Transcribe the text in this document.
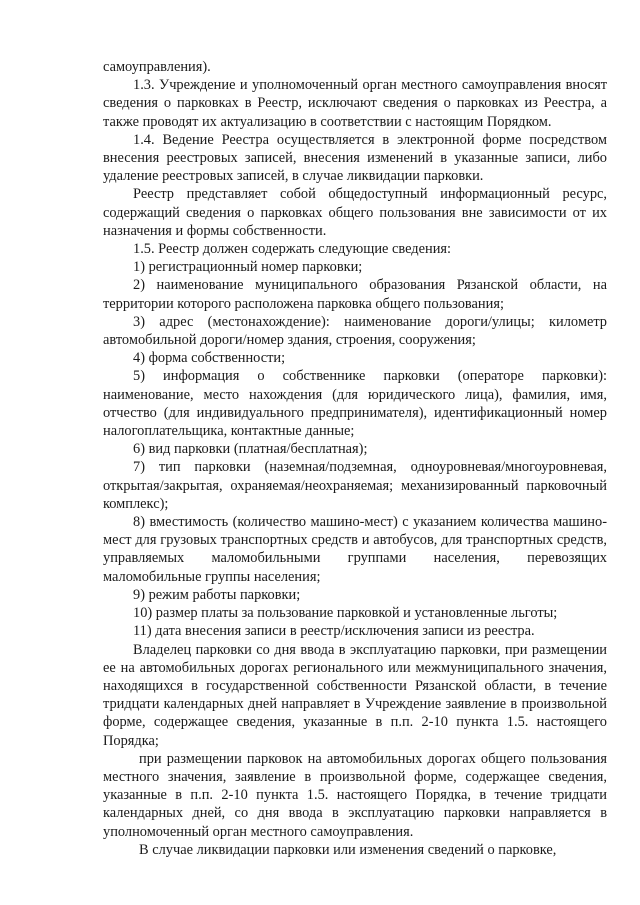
самоуправления).

1.3. Учреждение и уполномоченный орган местного самоуправления вносят сведения о парковках в Реестр, исключают сведения о парковках из Реестра, а также проводят их актуализацию в соответствии с настоящим Порядком.

1.4. Ведение Реестра осуществляется в электронной форме посредством внесения реестровых записей, внесения изменений в указанные записи, либо удаление реестровых записей, в случае ликвидации парковки.

Реестр представляет собой общедоступный информационный ресурс, содержащий сведения о парковках общего пользования вне зависимости от их назначения и формы собственности.

1.5. Реестр должен содержать следующие сведения:

1) регистрационный номер парковки;

2) наименование муниципального образования Рязанской области, на территории которого расположена парковка общего пользования;

3) адрес (местонахождение): наименование дороги/улицы; километр автомобильной дороги/номер здания, строения, сооружения;

4) форма собственности;

5) информация о собственнике парковки (операторе парковки): наименование, место нахождения (для юридического лица), фамилия, имя, отчество (для индивидуального предпринимателя), идентификационный номер налогоплательщика, контактные данные;

6) вид парковки (платная/бесплатная);

7) тип парковки (наземная/подземная, одноуровневая/многоуровневая, открытая/закрытая, охраняемая/неохраняемая; механизированный парковочный комплекс);

8) вместимость (количество машино-мест) с указанием количества машино-мест для грузовых транспортных средств и автобусов, для транспортных средств, управляемых маломобильными группами населения, перевозящих маломобильные группы населения;

9) режим работы парковки;

10) размер платы за пользование парковкой и установленные льготы;

11) дата внесения записи в реестр/исключения записи из реестра.

Владелец парковки со дня ввода в эксплуатацию парковки, при размещении ее на автомобильных дорогах регионального или межмуниципального значения, находящихся в государственной собственности Рязанской области, в течение тридцати календарных дней направляет в Учреждение заявление в произвольной форме, содержащее сведения, указанные в п.п. 2-10 пункта 1.5. настоящего Порядка;

при размещении парковок на автомобильных дорогах общего пользования местного значения, заявление в произвольной форме, содержащее сведения, указанные в п.п. 2-10 пункта 1.5. настоящего Порядка, в течение тридцати календарных дней, со дня ввода в эксплуатацию парковки направляется в уполномоченный орган местного самоуправления.

В случае ликвидации парковки или изменения сведений о парковке,
